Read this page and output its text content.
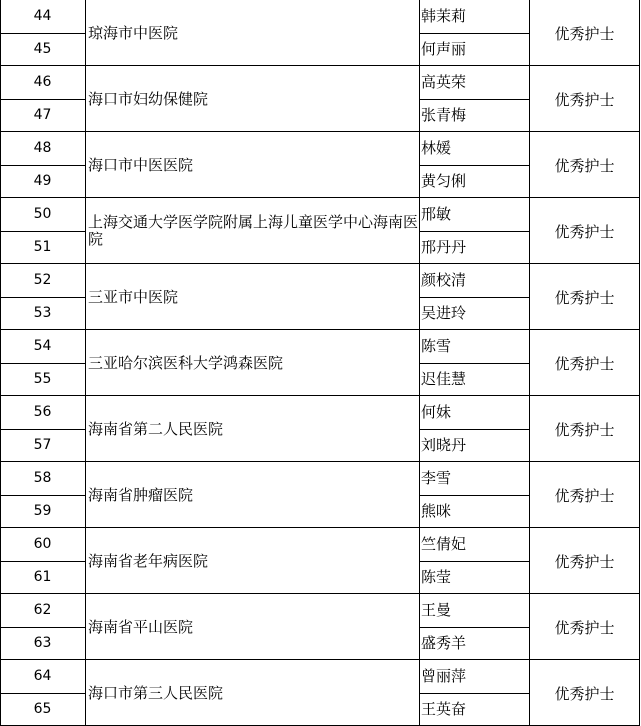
44
45
琼海市中医院
韩茉莉
何声丽
优秀护士
46
47
海口市妇幼保健院
高英荣
张青梅
优秀护士
48
49
海口市中医医院
林媛
黄匀俐
优秀护士
50
51
上海交通大学医学院附属上海儿童医学中心海南医院
邢敏
邢丹丹
优秀护士
52
53
三亚市中医院
颜校清
吴进玲
优秀护士
54
55
三亚哈尔滨医科大学鸿森医院
陈雪
迟佳慧
优秀护士
56
57
海南省第二人民医院
何妹
刘晓丹
优秀护士
58
59
海南省肿瘤医院
李雪
熊咪
优秀护士
60
61
海南省老年病医院
竺倩妃
陈莹
优秀护士
62
63
海南省平山医院
王曼
盛秀羊
优秀护士
64
65
海口市第三人民医院
曾丽萍
王英奋
优秀护士
